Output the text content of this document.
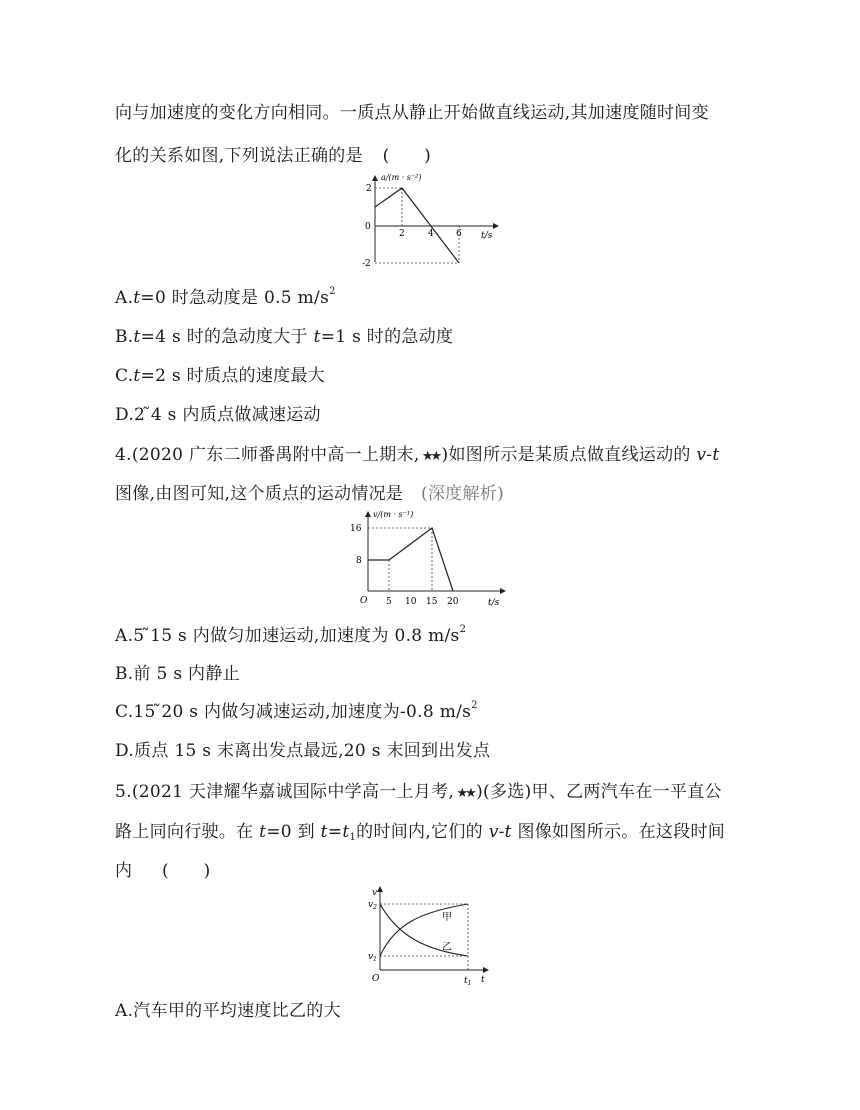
向与加速度的变化方向相同。一质点从静止开始做直线运动,其加速度随时间变
化的关系如图,下列说法正确的是 (　　)
a/(m · s⁻²)
2
0
-2
2	4 6 t/s
A.t=0 时急动度是 0.5 $m/s^2$
B.t=4 s 时的急动度大于 t=1 s 时的急动度
C.t=2 s 时质点的速度最大
D.2 ̃4 s 内质点做减速运动
4.(2020 广东二师番禺附中高一上期末, ★★ )如图所示是某质点做直线运动的 v-t
图像,由图可知,这个质点的运动情况是 (深度解析)
v/(m · s⁻¹)
16
8
O 5 10 15 20	t/s
A.5 ̃15 s 内做匀加速运动,加速度为 0.8 $m/s^2$
B.前 5 s 内静止
C.15 ̃20 s 内做匀减速运动,加速度为-0.8 $m/s^2$
D.质点 15 s 末离出发点最远,20 s 末回到出发点
5.(2021 天津耀华嘉诚国际中学高一上月考, ★★ )(多选)甲、乙两汽车在一平直公
路上同向行驶。在 t=0 到 $t=t_1$的时间内,它们的 v-t 图像如图所示。在这段时间
内 (　　)
v
$v_2$
$v_1$
O	$t_1$ t
甲
乙
A.汽车甲的平均速度比乙的大
